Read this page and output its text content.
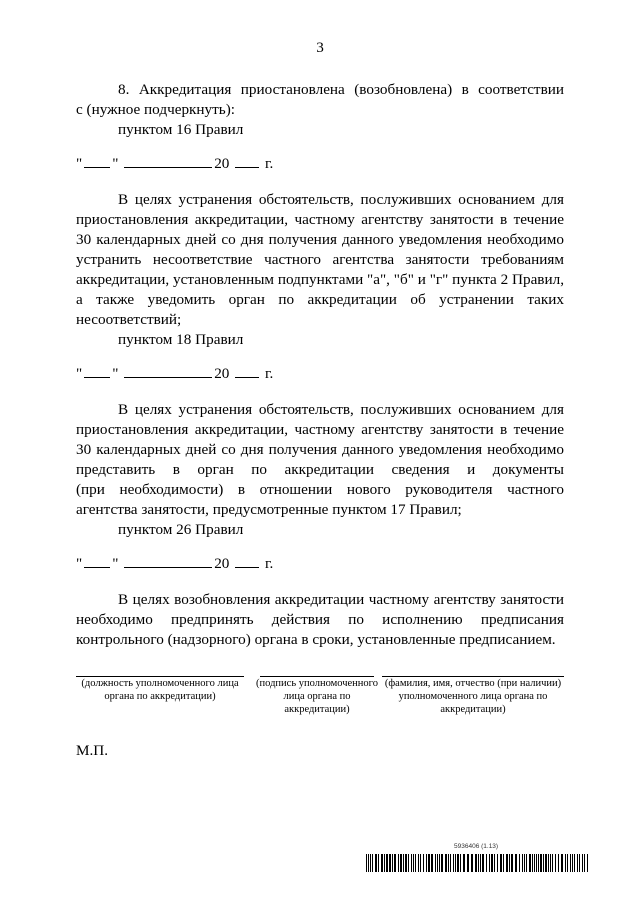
3
8. Аккредитация приостановлена (возобновлена) в соответствии
с (нужное подчеркнуть):
пунктом 16 Правил
" "	20 г.
В целях устранения обстоятельств, послуживших основанием для
приостановления аккредитации, частному агентству занятости в течение
30 календарных дней со дня получения данного уведомления необходимо
устранить несоответствие частного агентства занятости требованиям
аккредитации, установленным подпунктами "а", "б" и "г" пункта 2 Правил,
а также уведомить орган по аккредитации об устранении таких
несоответствий;
пунктом 18 Правил
" "	20 г.
В целях устранения обстоятельств, послуживших основанием для
приостановления аккредитации, частному агентству занятости в течение
30 календарных дней со дня получения данного уведомления необходимо
представить в орган по аккредитации сведения и документы
(при необходимости) в отношении нового руководителя частного
агентства занятости, предусмотренные пунктом 17 Правил;
пунктом 26 Правил
" "	20 г.
В целях возобновления аккредитации частному агентству занятости
необходимо предпринять действия по исполнению предписания
контрольного (надзорного) органа в сроки, установленные предписанием.
(должность уполномоченного лица органа по аккредитации)
(подпись уполномоченного лица органа по аккредитации)
(фамилия, имя, отчество (при наличии) уполномоченного лица органа по аккредитации)
М.П.
5936406 (1.13)
